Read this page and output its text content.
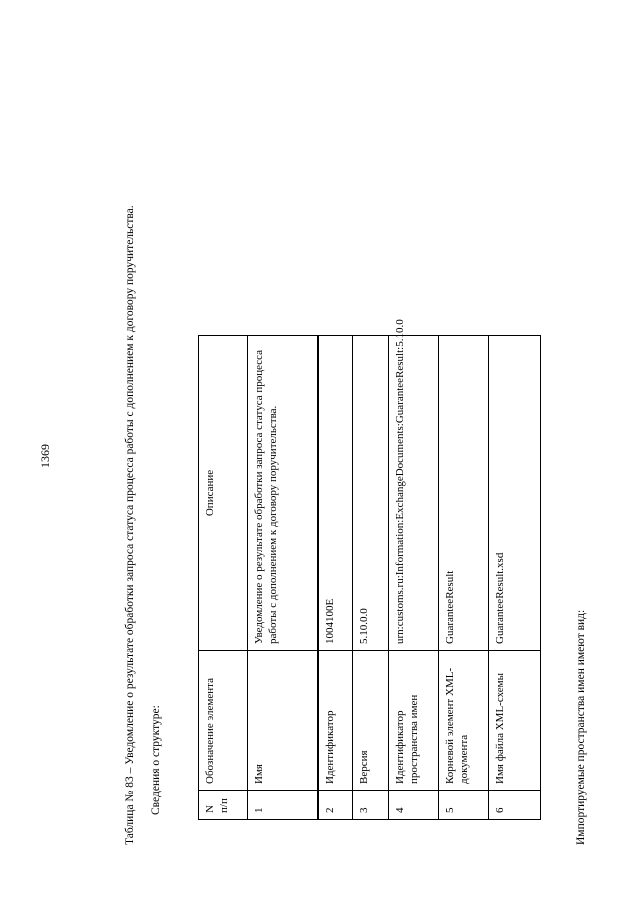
1369	Таблица № 83 – Уведомление о результате обработки запроса статуса процесса работы с дополнением к договору поручительства. Сведения о структуре:	N п/п	Обозначение элемента	Описание
1	Имя	Уведомление о результате обработки запроса статуса процесса работы с дополнением к договору поручительства.
2	Идентификатор	1004100E
3	Версия	5.10.0.0
4	Идентификатор пространства имен	urn:customs.ru:Information:ExchangeDocuments:GuaranteeResult:5.10.0
5	Корневой элемент XML-документа	GuaranteeResult
6	Имя файла XML-схемы	GuaranteeResult.xsd
Импортируемые пространства имен имеют вид:
